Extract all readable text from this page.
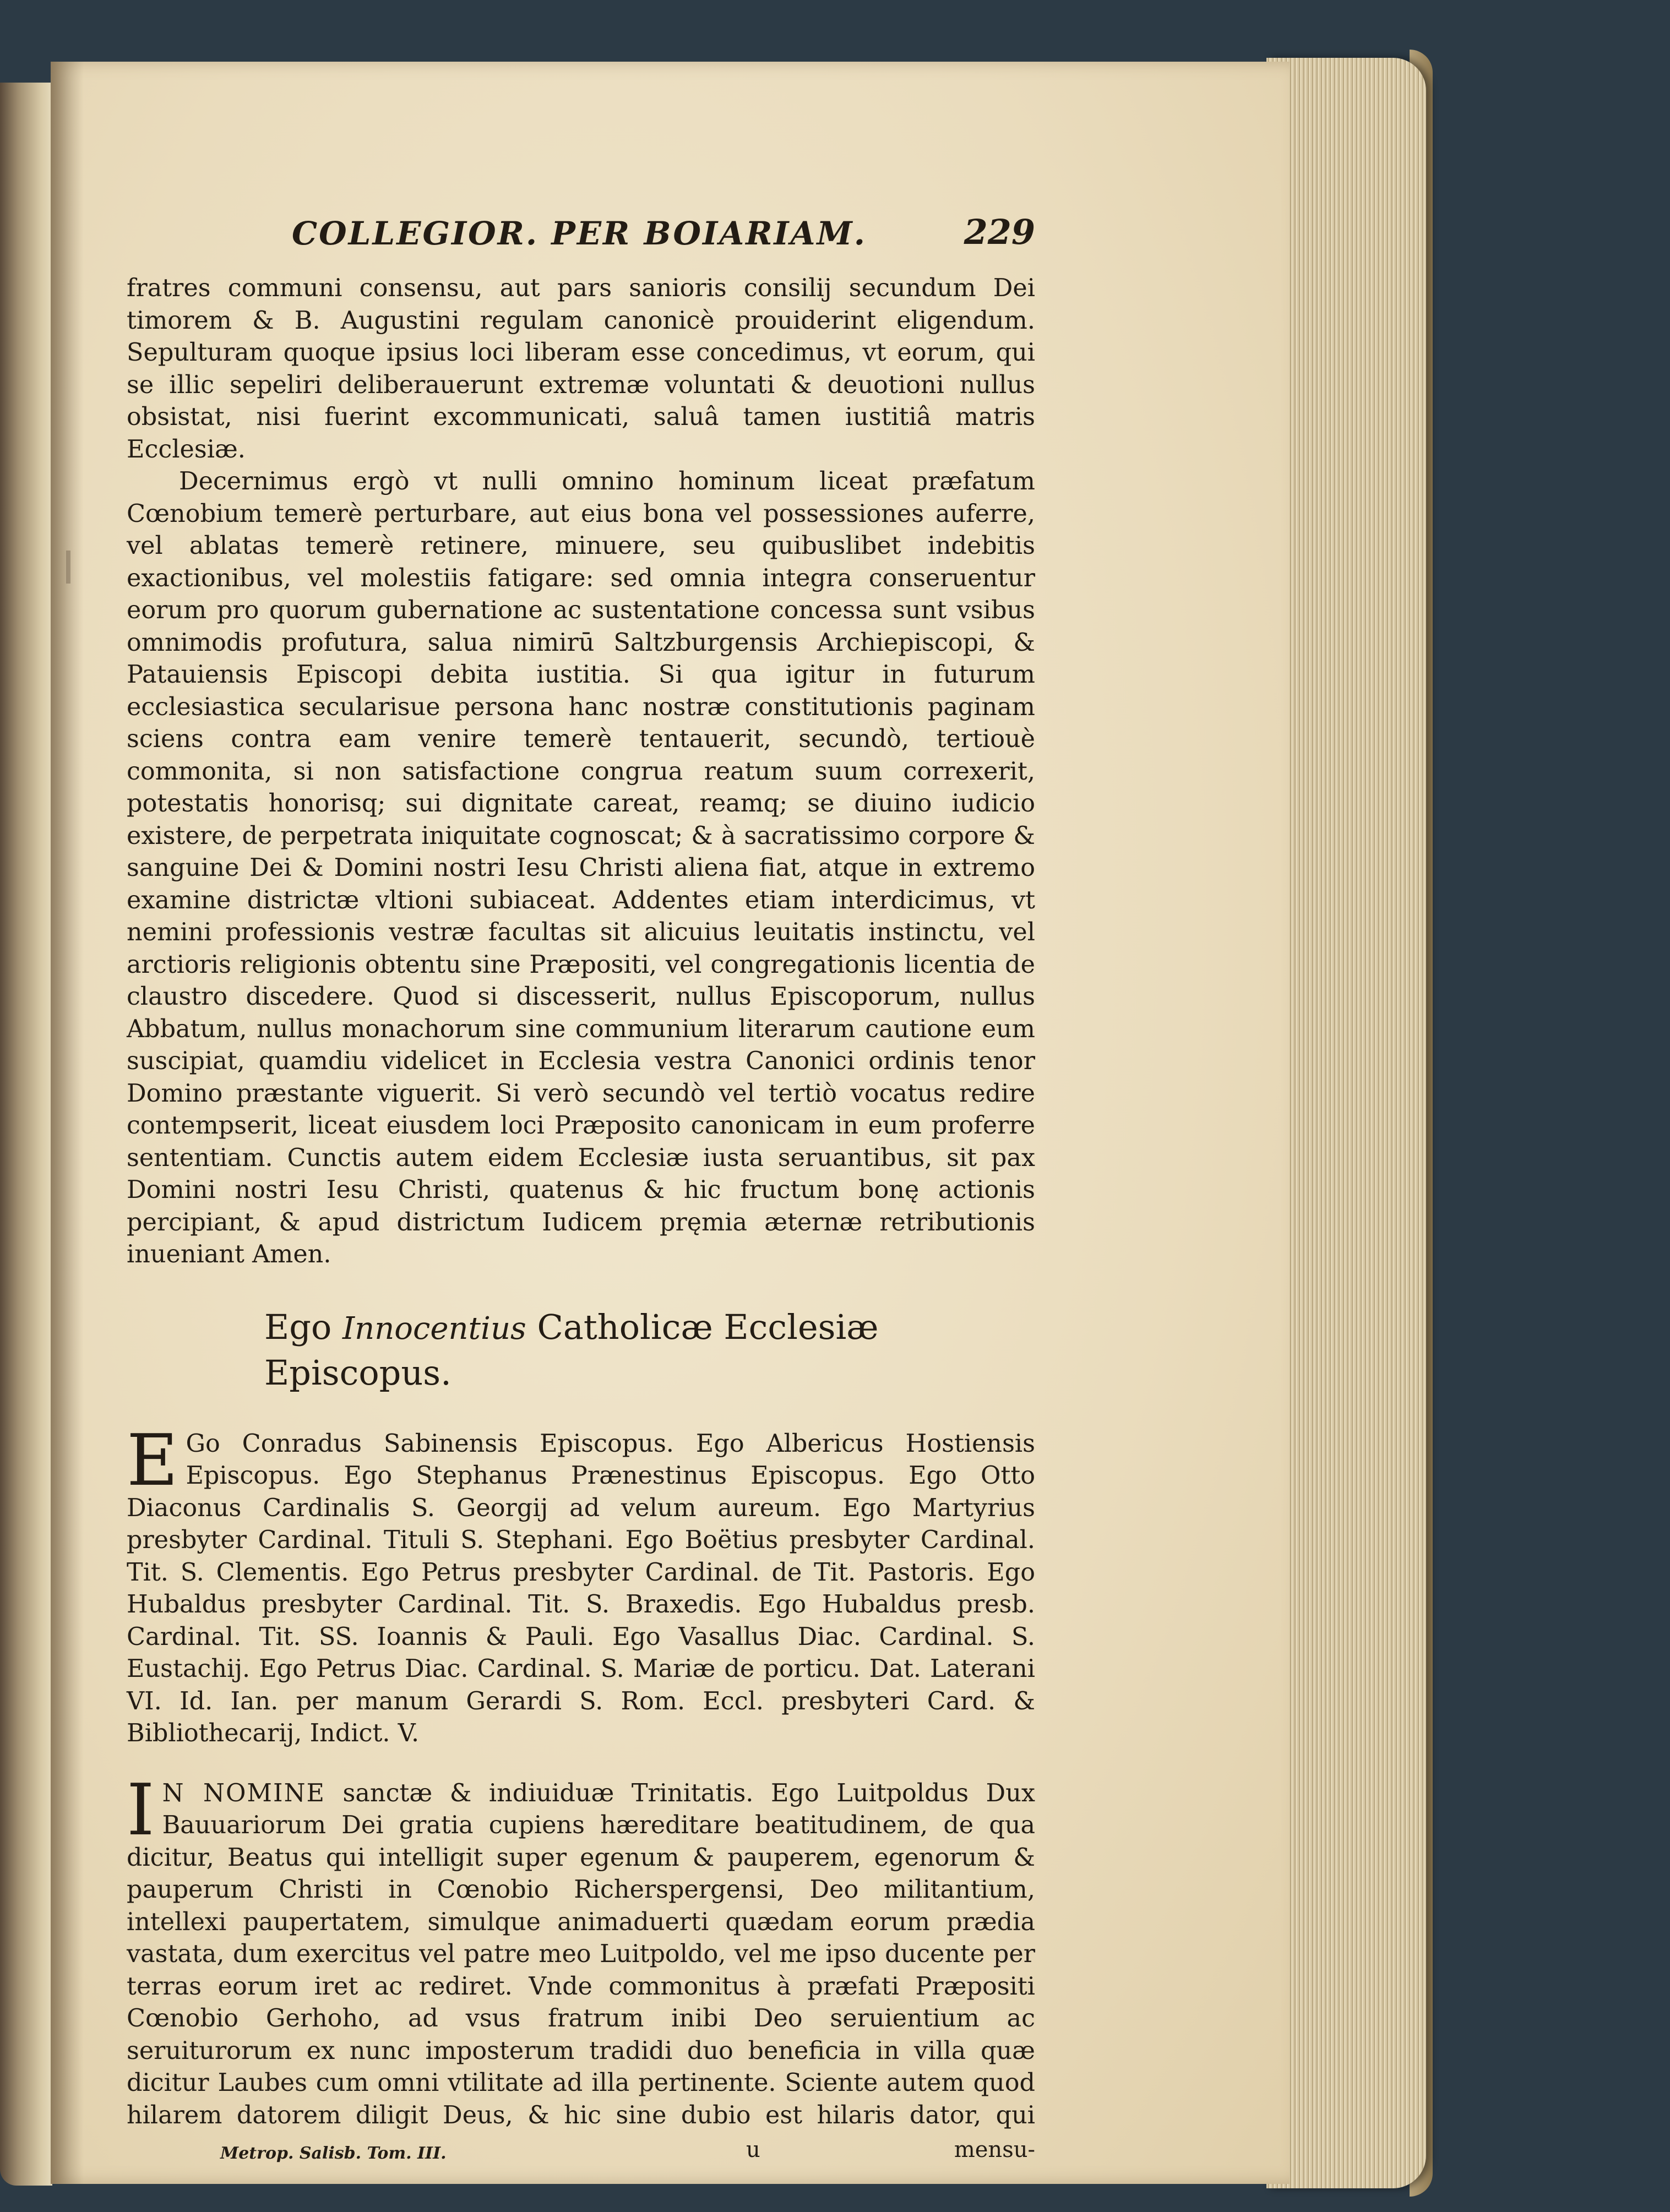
COLLEGIOR. PER BOIARIAM.	229

fratres communi consensu, aut pars sanioris consilij secundum Dei timorem & B. Augustini regulam canonicè prouiderint eligendum. Sepulturam quoque ipsius loci liberam esse concedimus, vt eorum, qui se illic sepeliri deliberauerunt extremæ voluntati & deuotioni nullus obsistat, nisi fuerint excommunicati, saluâ tamen iustitiâ matris Ecclesiæ.

Decernimus ergò vt nulli omnino hominum liceat præfatum Cœnobium temerè perturbare, aut eius bona vel possessiones auferre, vel ablatas temerè retinere, minuere, seu quibuslibet indebitis exactionibus, vel molestiis fatigare: sed omnia integra conseruentur eorum pro quorum gubernatione ac sustentatione concessa sunt vsibus omnimodis profutura, salua nimirū Saltzburgensis Archiepiscopi, & Patauiensis Episcopi debita iustitia. Si qua igitur in futurum ecclesiastica secularisue persona hanc nostræ constitutionis paginam sciens contra eam venire temerè tentauerit, secundò, tertiouè commonita, si non satisfactione congrua reatum suum correxerit, potestatis honorisq; sui dignitate careat, reamq; se diuino iudicio existere, de perpetrata iniquitate cognoscat; & à sacratissimo corpore & sanguine Dei & Domini nostri Iesu Christi aliena fiat, atque in extremo examine districtæ vltioni subiaceat. Addentes etiam interdicimus, vt nemini professionis vestræ facultas sit alicuius leuitatis instinctu, vel arctioris religionis obtentu sine Præpositi, vel congregationis licentia de claustro discedere. Quod si discesserit, nullus Episcoporum, nullus Abbatum, nullus monachorum sine communium literarum cautione eum suscipiat, quamdiu videlicet in Ecclesia vestra Canonici ordinis tenor Domino præstante viguerit. Si verò secundò vel tertiò vocatus redire contempserit, liceat eiusdem loci Præposito canonicam in eum proferre sententiam. Cunctis autem eidem Ecclesiæ iusta seruantibus, sit pax Domini nostri Iesu Christi, quatenus & hic fructum bonę actionis percipiant, & apud districtum Iudicem pręmia æternæ retributionis inueniant Amen.

Ego Innocentius Catholicæ Ecclesiæ Episcopus.
E Go Conradus Sabinensis Episcopus. Ego Albericus Hostiensis Episcopus. Ego Stephanus Prænestinus Episcopus. Ego Otto Diaconus Cardinalis S. Georgij ad velum aureum. Ego Martyrius presbyter Cardinal. Tituli S. Stephani. Ego Boëtius presbyter Cardinal. Tit. S. Clementis. Ego Petrus presbyter Cardinal. de Tit. Pastoris. Ego Hubaldus presbyter Cardinal. Tit. S. Braxedis. Ego Hubaldus presb. Cardinal. Tit. SS. Ioannis & Pauli. Ego Vasallus Diac. Cardinal. S. Eustachij. Ego Petrus Diac. Cardinal. S. Mariæ de porticu. Dat. Laterani VI. Id. Ian. per manum Gerardi S. Rom. Eccl. presbyteri Card. & Bibliothecarij, Indict. V.

I N NOMINE sanctæ & indiuiduæ Trinitatis. Ego Luitpoldus Dux Bauuariorum Dei gratia cupiens hæreditare beatitudinem, de qua dicitur, Beatus qui intelligit super egenum & pauperem, egenorum & pauperum Christi in Cœnobio Richerspergensi, Deo militantium, intellexi paupertatem, simulque animaduerti quædam eorum prædia vastata, dum exercitus vel patre meo Luitpoldo, vel me ipso ducente per terras eorum iret ac rediret. Vnde commonitus à præfati Præpositi Cœnobio Gerhoho, ad vsus fratrum inibi Deo seruientium ac seruiturorum ex nunc imposterum tradidi duo beneficia in villa quæ dicitur Laubes cum omni vtilitate ad illa pertinente. Sciente autem quod hilarem datorem diligit Deus, & hic sine dubio est hilaris dator, qui

Metrop. Salisb. Tom. III.	u	mensu-
